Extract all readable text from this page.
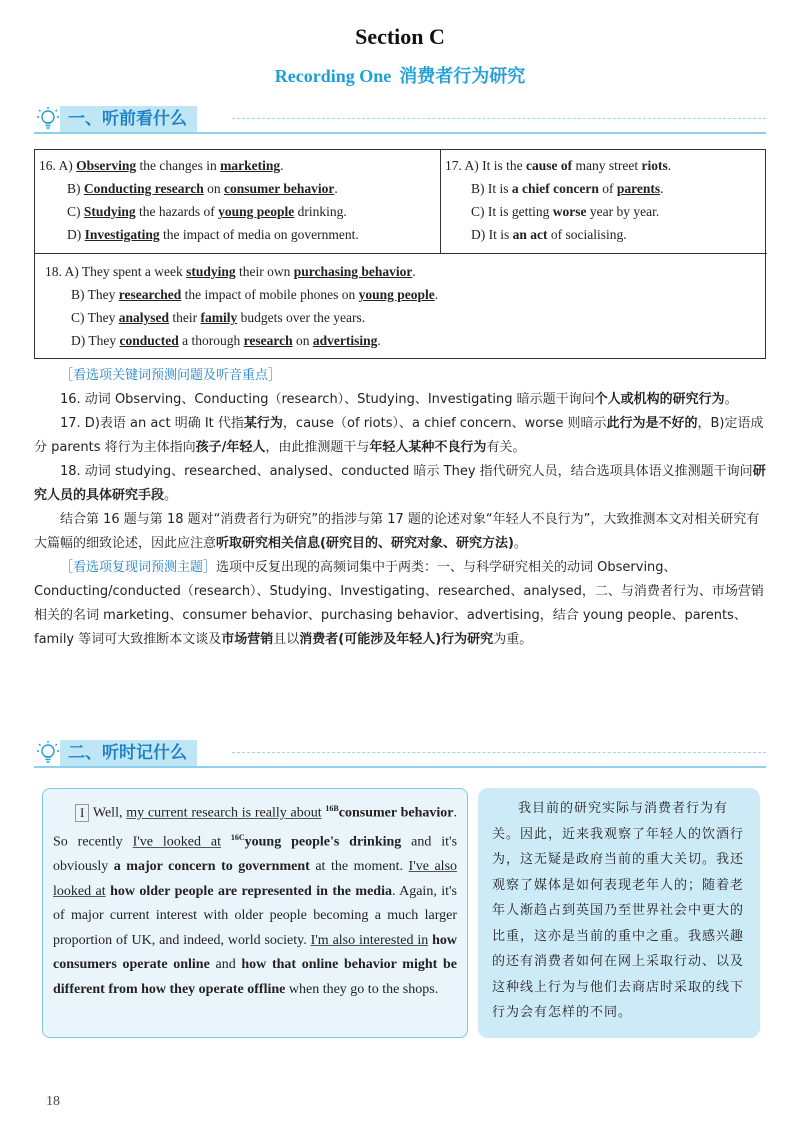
Section C
Recording One 消费者行为研究
一、听前看什么
16. A) Observing the changes in marketing.
B) Conducting research on consumer behavior.
C) Studying the hazards of young people drinking.
D) Investigating the impact of media on government.
17. A) It is the cause of many street riots.
B) It is a chief concern of parents.
C) It is getting worse year by year.
D) It is an act of socialising.
18. A) They spent a week studying their own purchasing behavior.
B) They researched the impact of mobile phones on young people.
C) They analysed their family budgets over the years.
D) They conducted a thorough research on advertising.

［看选项关键词预测问题及听音重点］

16. 动词 Observing、Conducting（research）、Studying、Investigating 暗示题干询问个人或机构的研究行为。

17. D)表语 an act 明确 It 代指某行为，cause（of riots）、a chief concern、worse 则暗示此行为是不好的，B)定语成分 parents 将行为主体指向孩子/年轻人，由此推测题干与年轻人某种不良行为有关。

18. 动词 studying、researched、analysed、conducted 暗示 They 指代研究人员，结合选项具体语义推测题干询问研究人员的具体研究手段。

结合第 16 题与第 18 题对“消费者行为研究”的指涉与第 17 题的论述对象“年轻人不良行为”，大致推测本文对相关研究有大篇幅的细致论述，因此应注意听取研究相关信息(研究目的、研究对象、研究方法)。

［看选项复现词预测主题］选项中反复出现的高频词集中于两类：一、与科学研究相关的动词 Observing、Conducting/conducted（research）、Studying、Investigating、researched、analysed，二、与消费者行为、市场营销相关的名词 marketing、consumer behavior、purchasing behavior、advertising，结合 young people、parents、family 等词可大致推断本文谈及市场营销且以消费者(可能涉及年轻人)行为研究为重。

二、听时记什么
I Well, my current research is really about $^{16B}$consumer behavior. So recently I've looked at $^{16C}$young people's drinking and it's obviously a major concern to government at the moment. I've also looked at how older people are represented in the media. Again, it's of major current interest with older people becoming a much larger proportion of UK, and indeed, world society. I'm also interested in how consumers operate online and how that online behavior might be different from how they operate offline when they go to the shops.

我目前的研究实际与消费者行为有关。因此，近来我观察了年轻人的饮酒行为，这无疑是政府当前的重大关切。我还观察了媒体是如何表现老年人的；随着老年人渐趋占到英国乃至世界社会中更大的比重，这亦是当前的重中之重。我感兴趣的还有消费者如何在网上采取行动、以及这种线上行为与他们去商店时采取的线下行为会有怎样的不同。

18
